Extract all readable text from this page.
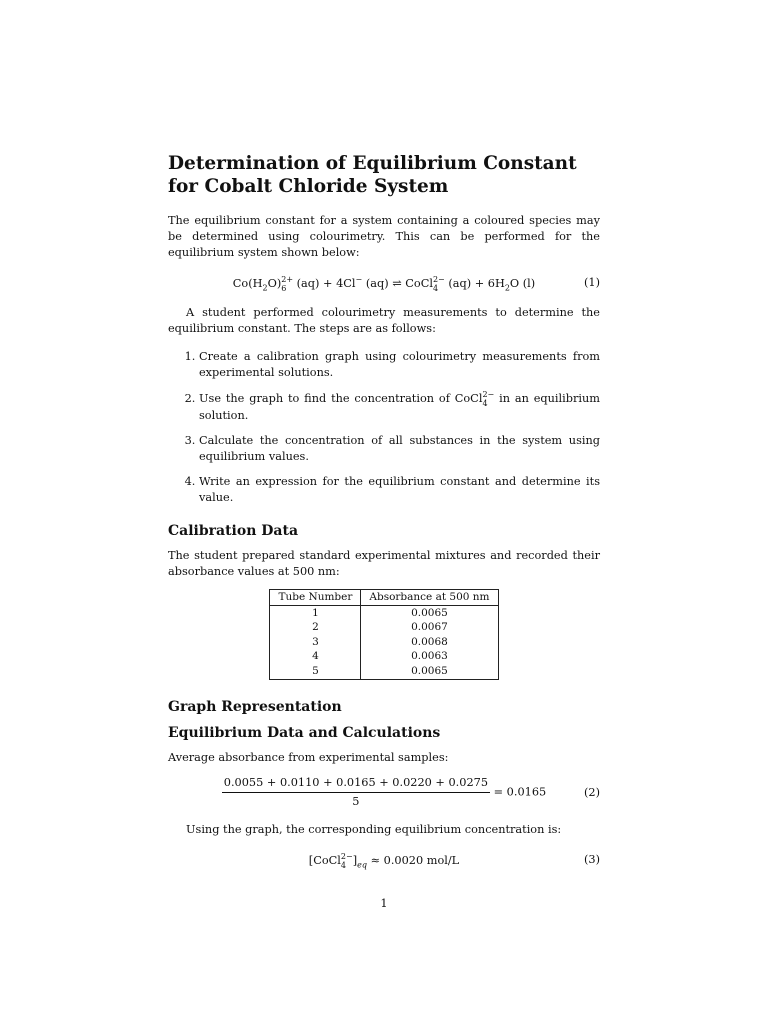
Determination of Equilibrium Constant for Cobalt Chloride System

The equilibrium constant for a system containing a coloured species may be determined using colourimetry. This can be performed for the equilibrium system shown below:

$Co(H_2O)$ 2+
6 (aq) + 4Cl− (aq) ⇌ CoCl 2−
4 $(aq) + 6H_2O$ (l)	(1)

A student performed colourimetry measurements to determine the equilibrium constant. The steps are as follows:

1. Create a calibration graph using colourimetry measurements from experimental solutions.
2. Use the graph to find the concentration of CoCl 2−
4 in an equilibrium solution.
3. Calculate the concentration of all substances in the system using equilibrium values.
4. Write an expression for the equilibrium constant and determine its value.
Calibration Data

The student prepared standard experimental mixtures and recorded their absorbance values at 500 nm:

Tube Number	Absorbance at 500 nm
1	0.0065
2	0.0067
3	0.0068
4	0.0063
5	0.0065
Graph Representation
Equilibrium Data and Calculations

Average absorbance from experimental samples:

$\frac{0.0055 + 0.0110 + 0.0165 + 0.0220 + 0.0275}{5} = 0.0165$	(2)

Using the graph, the corresponding equilibrium concentration is:

[CoCl 2−
4 ]$_{eq} \approx 0.0020$ mol/L	(3)
1
